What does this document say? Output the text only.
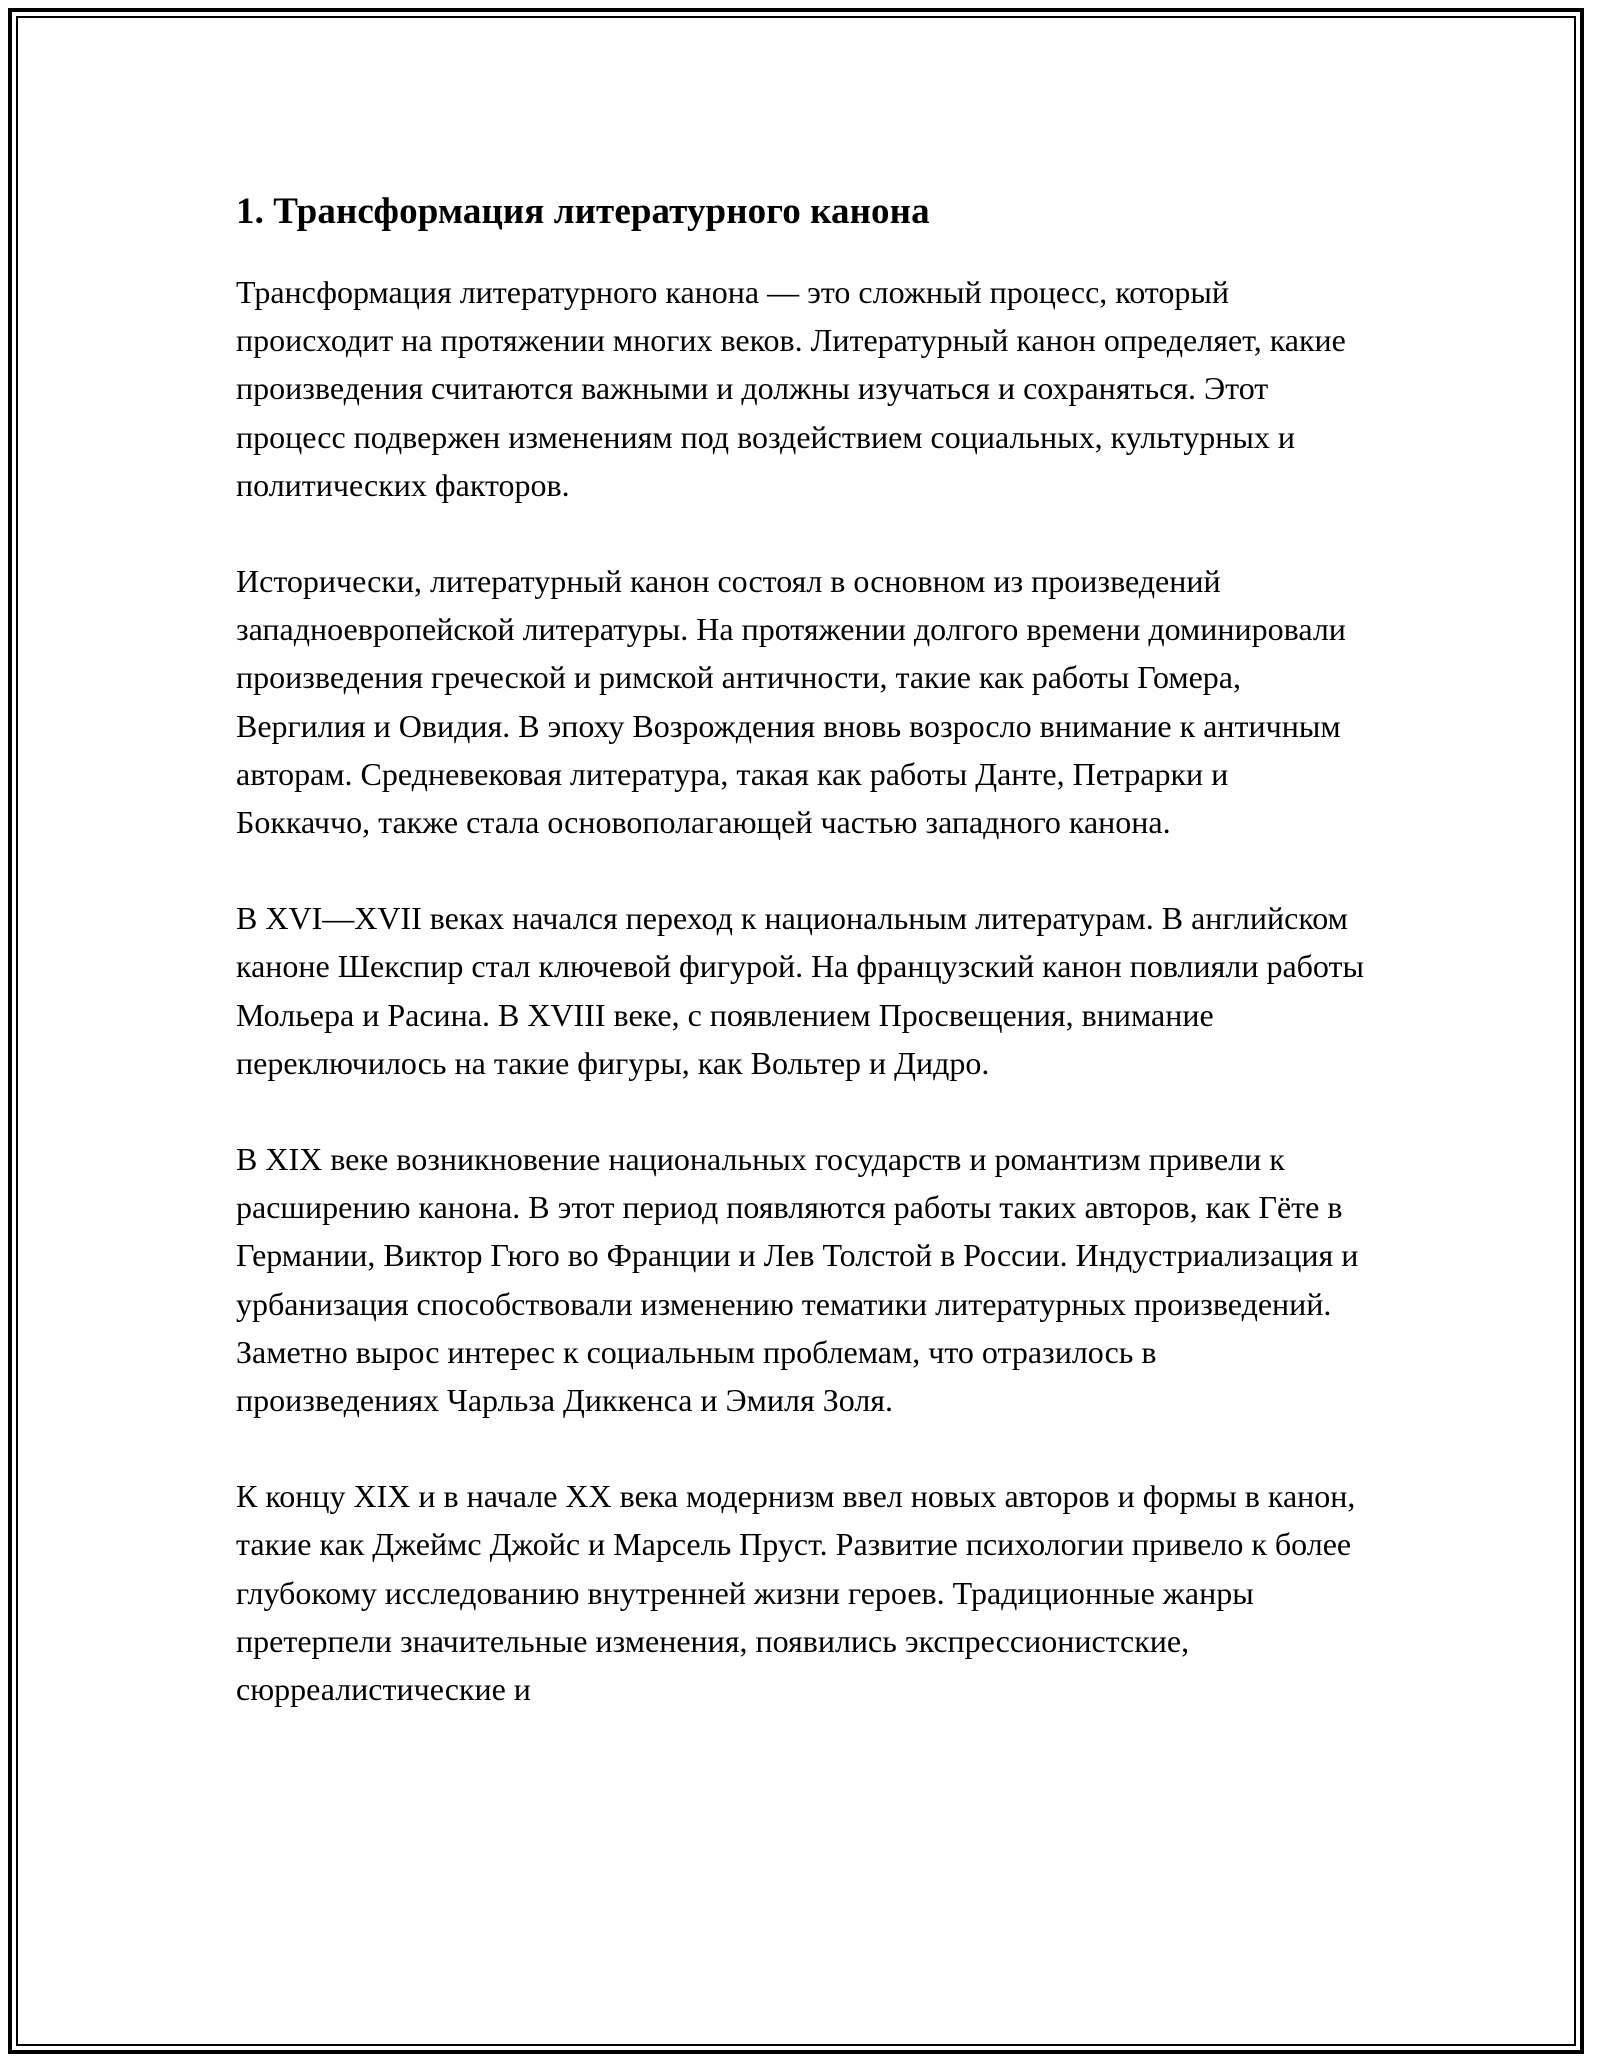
1. Трансформация литературного канона

Трансформация литературного канона — это сложный процесс, который происходит на протяжении многих веков. Литературный канон определяет, какие произведения считаются важными и должны изучаться и сохраняться. Этот процесс подвержен изменениям под воздействием социальных, культурных и политических факторов.

Исторически, литературный канон состоял в основном из произведений западноевропейской литературы. На протяжении долгого времени доминировали произведения греческой и римской античности, такие как работы Гомера, Вергилия и Овидия. В эпоху Возрождения вновь возросло внимание к античным авторам. Средневековая литература, такая как работы Данте, Петрарки и Боккаччо, также стала основополагающей частью западного канона.

В XVI—XVII веках начался переход к национальным литературам. В английском каноне Шекспир стал ключевой фигурой. На французский канон повлияли работы Мольера и Расина. В XVIII веке, с появлением Просвещения, внимание переключилось на такие фигуры, как Вольтер и Дидро.

В XIX веке возникновение национальных государств и романтизм привели к расширению канона. В этот период появляются работы таких авторов, как Гёте в Германии, Виктор Гюго во Франции и Лев Толстой в России. Индустриализация и урбанизация способствовали изменению тематики литературных произведений. Заметно вырос интерес к социальным проблемам, что отразилось в произведениях Чарльза Диккенса и Эмиля Золя.

К концу XIX и в начале XX века модернизм ввел новых авторов и формы в канон, такие как Джеймс Джойс и Марсель Пруст. Развитие психологии привело к более глубокому исследованию внутренней жизни героев. Традиционные жанры претерпели значительные изменения, появились экспрессионистские, сюрреалистические и
